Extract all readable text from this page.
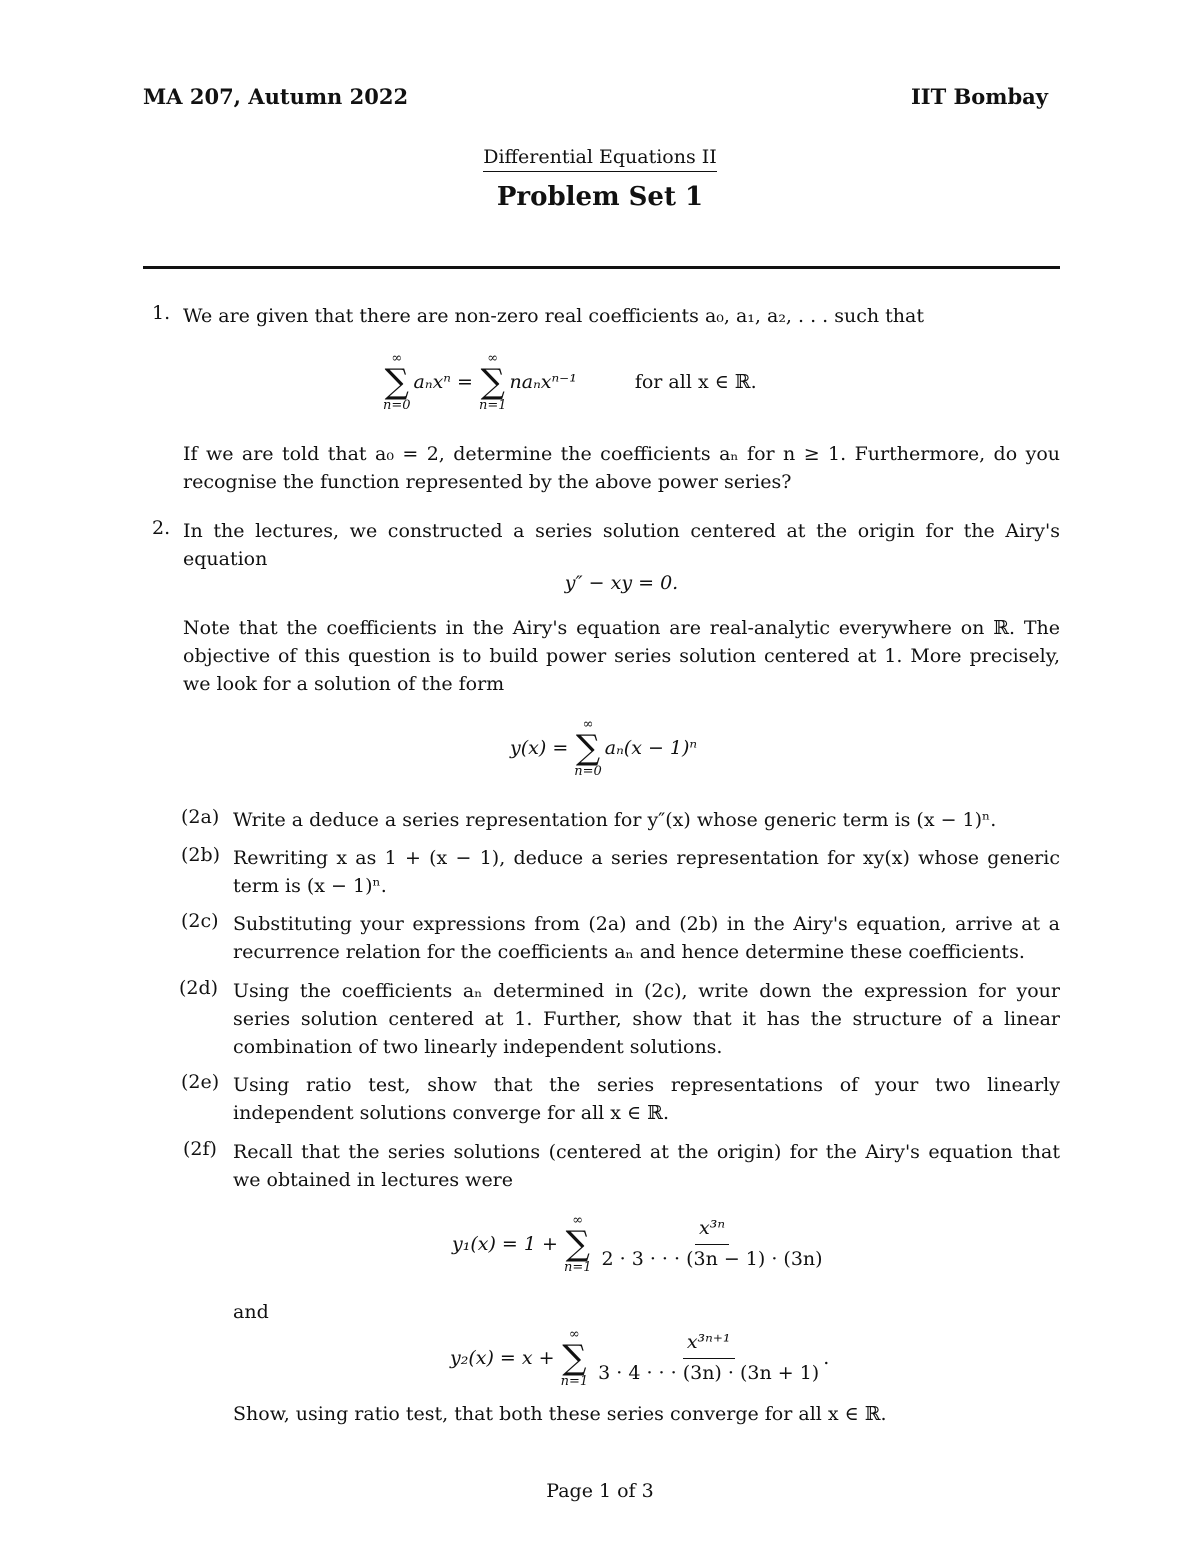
MA 207, Autumn 2022	IIT Bombay
Differential Equations II
Problem Set 1
1. We are given that there are non-zero real coefficients a₀, a₁, a₂, . . . such that
∞
∑
n=0
aₙxⁿ =
∞
∑
n=1
naₙxⁿ⁻¹	for all x ∈ ℝ.
If we are told that a₀ = 2, determine the coefficients aₙ for n ≥ 1. Furthermore, do you recognise the function represented by the above power series?
2. In the lectures, we constructed a series solution centered at the origin for the Airy's equation
y″ − xy = 0.
Note that the coefficients in the Airy's equation are real-analytic everywhere on ℝ. The objective of this question is to build power series solution centered at 1. More precisely, we look for a solution of the form
y(x) =
∞
∑
n=0
aₙ(x − 1)ⁿ
(2a) Write a deduce a series representation for y″(x) whose generic term is (x − 1)ⁿ.
(2b) Rewriting x as 1 + (x − 1), deduce a series representation for xy(x) whose generic term is (x − 1)ⁿ.
(2c) Substituting your expressions from (2a) and (2b) in the Airy's equation, arrive at a recurrence relation for the coefficients aₙ and hence determine these coefficients.
(2d) Using the coefficients aₙ determined in (2c), write down the expression for your series solution centered at 1. Further, show that it has the structure of a linear combination of two linearly independent solutions.
(2e) Using ratio test, show that the series representations of your two linearly independent solutions converge for all x ∈ ℝ.
(2f) Recall that the series solutions (centered at the origin) for the Airy's equation that we obtained in lectures were
y₁(x) = 1 +
∞
∑
$n=1 \frac{\text{x³ⁿ}}{2 \cdot 3 \cdot \cdot \cdot (3n - 1) \cdot (3n)}$
and
y₂(x) = x +
∞
∑
$n=1 \frac{\text{x³ⁿ⁺¹}}{3 \cdot 4 \cdot \cdot \cdot (3n) \cdot (3n + 1)}$ .
Show, using ratio test, that both these series converge for all x ∈ ℝ.
Page 1 of 3
